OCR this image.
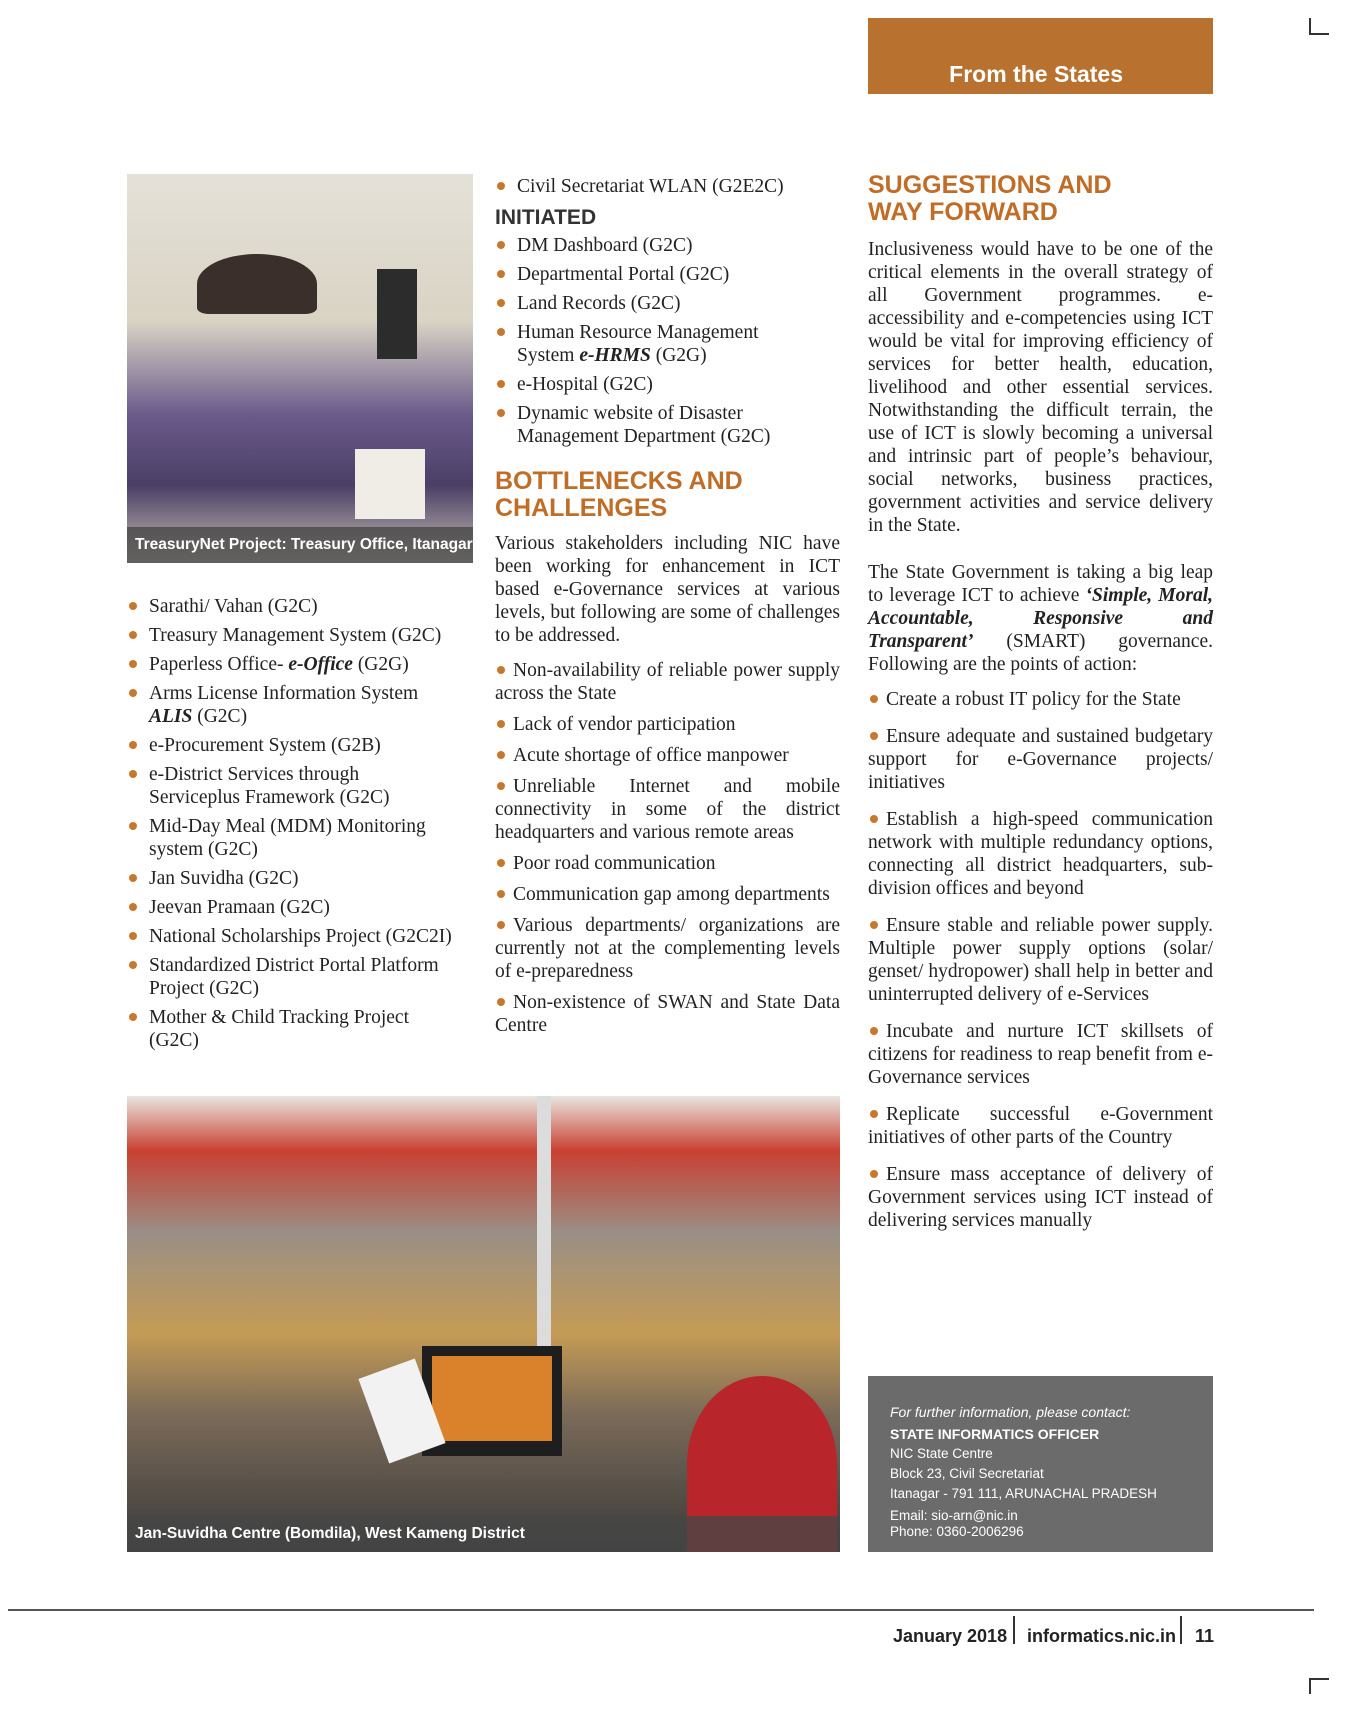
From the States
TreasuryNet Project: Treasury Office, Itanagar
Sarathi/ Vahan (G2C)
Treasury Management System (G2C)
Paperless Office- e-Office (G2G)
Arms License Information System
ALIS (G2C)
e-Procurement System (G2B)
e-District Services through
Serviceplus Framework (G2C)
Mid-Day Meal (MDM) Monitoring
system (G2C)
Jan Suvidha (G2C)
Jeevan Pramaan (G2C)
National Scholarships Project (G2C2I)
Standardized District Portal Platform
Project (G2C)
Mother & Child Tracking Project
(G2C)
Civil Secretariat WLAN (G2E2C)
INITIATED
DM Dashboard (G2C)
Departmental Portal (G2C)
Land Records (G2C)
Human Resource Management
System e-HRMS (G2G)
e-Hospital (G2C)
Dynamic website of Disaster
Management Department (G2C)
BOTTLENECKS AND
CHALLENGES
Various stakeholders including NIC have been working for enhancement in ICT based e-Governance services at various levels, but following are some of challenges to be addressed.
Non-availability of reliable power supply across the State
Lack of vendor participation
Acute shortage of office manpower
Unreliable Internet and mobile connectivity in some of the district headquarters and various remote areas
Poor road communication
Communication gap among departments
Various departments/ organizations are currently not at the complementing levels of e-preparedness
Non-existence of SWAN and State Data Centre
SUGGESTIONS AND
WAY FORWARD
Inclusiveness would have to be one of the critical elements in the overall strategy of all Government programmes. e-accessibility and e-competencies using ICT would be vital for improving efficiency of services for better health, education, livelihood and other essential services. Notwithstanding the difficult terrain, the use of ICT is slowly becoming a universal and intrinsic part of people’s behaviour, social networks, business practices, government activities and service delivery in the State.
The State Government is taking a big leap to leverage ICT to achieve ‘Simple, Moral, Accountable, Responsive and Transparent’ (SMART) governance. Following are the points of action:
Create a robust IT policy for the State
Ensure adequate and sustained budgetary support for e-Governance projects/ initiatives
Establish a high-speed communication network with multiple redundancy options, connecting all district headquarters, sub-division offices and beyond
Ensure stable and reliable power supply. Multiple power supply options (solar/ genset/ hydropower) shall help in better and uninterrupted delivery of e-Services
Incubate and nurture ICT skillsets of citizens for readiness to reap benefit from e-Governance services
Replicate successful e-Government initiatives of other parts of the Country
Ensure mass acceptance of delivery of Government services using ICT instead of delivering services manually
Jan-Suvidha Centre (Bomdila), West Kameng District
For further information, please contact:
STATE INFORMATICS OFFICER
NIC State Centre
Block 23, Civil Secretariat
Itanagar - 791 111, ARUNACHAL PRADESH
Email: sio-arn@nic.in
Phone: 0360-2006296
January 2018 informatics.nic.in 11
